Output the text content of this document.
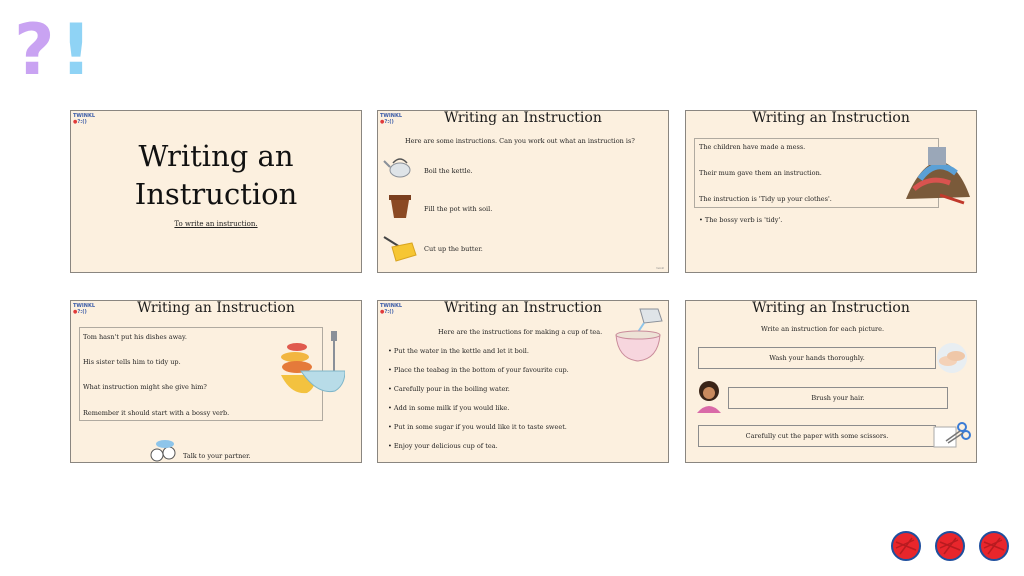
? !
TWINKL
●?:()
Writing an Instruction
To write an instruction.
TWINKL
●?:()	Writing an Instruction
Here are some instructions. Can you work out what an instruction is?
Boil the kettle.
Fill the pot with soil.
Cut up the butter.
twinkl
Writing an Instruction
The children have made a mess.
Their mum gave them an instruction.
The instruction is 'Tidy up your clothes'.
• The bossy verb is 'tidy'.
TWINKL
●?:()	Writing an Instruction
Tom hasn't put his dishes away.
His sister tells him to tidy up.
What instruction might she give him?
Remember it should start with a bossy verb.
Talk to your partner.
TWINKL
●?:()	Writing an Instruction
Here are the instructions for making a cup of tea.
• Put the water in the kettle and let it boil.
• Place the teabag in the bottom of your favourite cup.
• Carefully pour in the boiling water.
• Add in some milk if you would like.
• Put in some sugar if you would like it to taste sweet.
• Enjoy your delicious cup of tea.
Writing an Instruction
Write an instruction for each picture.
Wash your hands thoroughly.
Brush your hair.
Carefully cut the paper with some scissors.
